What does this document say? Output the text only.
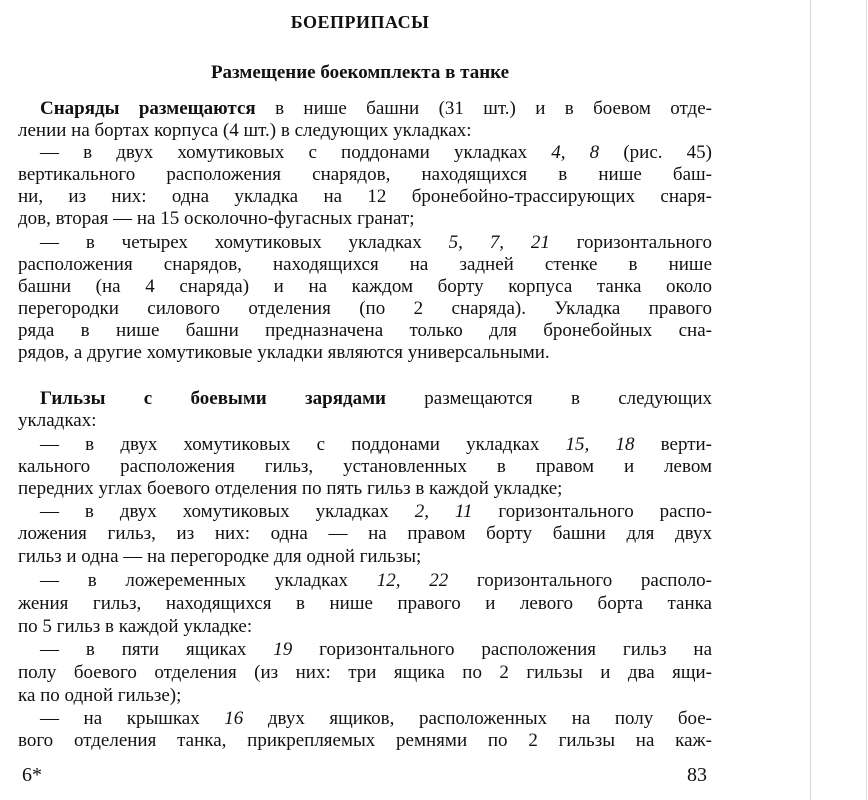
БОЕПРИПАСЫ
Размещение боекомплекта в танке
Снаряды размещаются в нише башни (31 шт.) и в боевом отде-
лении на бортах корпуса (4 шт.) в следующих укладках:
— в двух хомутиковых с поддонами укладках 4, 8 (рис. 45)
вертикального расположения снарядов, находящихся в нише баш-
ни, из них: одна укладка на 12 бронебойно-трассирующих снаря-
дов, вторая — на 15 осколочно-фугасных гранат;
— в четырех хомутиковых укладках 5, 7, 21 горизонтального
расположения снарядов, находящихся на задней стенке в нише
башни (на 4 снаряда) и на каждом борту корпуса танка около
перегородки силового отделения (по 2 снаряда). Укладка правого
ряда в нише башни предназначена только для бронебойных сна-
рядов, а другие хомутиковые укладки являются универсальными.
Гильзы с боевыми зарядами размещаются в следующих
укладках:
— в двух хомутиковых с поддонами укладках 15, 18 верти-
кального расположения гильз, установленных в правом и левом
передних углах боевого отделения по пять гильз в каждой укладке;
— в двух хомутиковых укладках 2, 11 горизонтального распо-
ложения гильз, из них: одна — на правом борту башни для двух
гильз и одна — на перегородке для одной гильзы;
— в ложеременных укладках 12, 22 горизонтального располо-
жения гильз, находящихся в нише правого и левого борта танка
по 5 гильз в каждой укладке:
— в пяти ящиках 19 горизонтального расположения гильз на
полу боевого отделения (из них: три ящика по 2 гильзы и два ящи-
ка по одной гильзе);
— на крышках 16 двух ящиков, расположенных на полу бое-
вого отделения танка, прикрепляемых ремнями по 2 гильзы на каж-
6*	83
